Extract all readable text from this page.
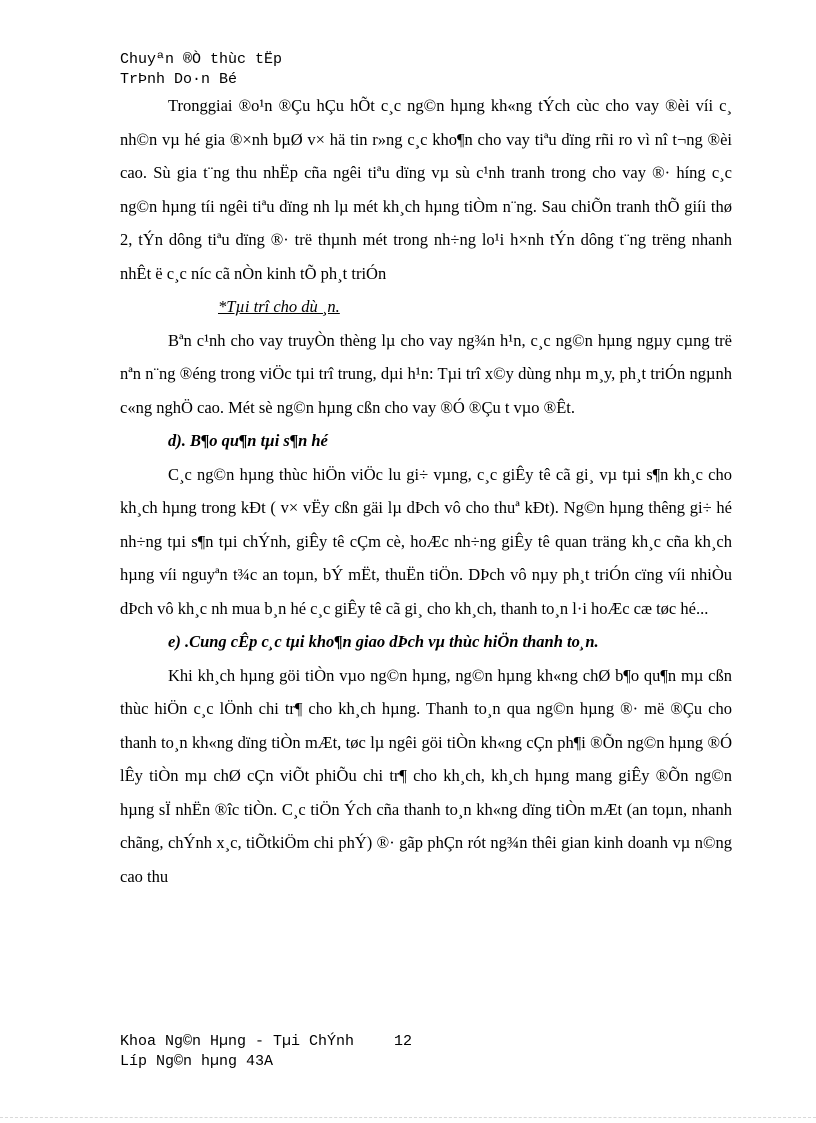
Chuyªn ®Ò thùc tËp
TrÞnh Do·n Bé

Tronggiai ®o¹n ®Çu hÇu hÕt c¸c ng©n hµng kh«ng tÝch cùc cho vay ®èi víi c¸ nh©n vµ hé gia ®×nh bµØ v× hä tin r»ng c¸c kho¶n cho vay tiªu dïng rñi ro vì nî t¬ng ®èi cao. Sù gia t¨ng thu nhËp cña ngêi tiªu dïng vµ sù c¹nh tranh trong cho vay ®· híng c¸c ng©n hµng tíi ngêi tiªu dïng nh lµ mét kh¸ch hµng tiÒm n¨ng. Sau chiÕn tranh thÕ giíi thø 2, tÝn dông tiªu dïng ®· trë thµnh mét trong nh÷ng lo¹i h×nh tÝn dông t¨ng trëng nhanh nhÊt ë c¸c níc cã nÒn kinh tÕ ph¸t triÓn

*Tµi trî cho dù ¸n.

Bªn c¹nh cho vay truyÒn thèng lµ cho vay ng¾n h¹n, c¸c ng©n hµng ngµy cµng trë nªn n¨ng ®éng trong viÖc tµi trî trung, dµi h¹n: Tµi trî x©y dùng nhµ m¸y, ph¸t triÓn ngµnh c«ng nghÖ cao. Mét sè ng©n hµng cßn cho vay ®Ó ®Çu t vµo ®Êt.

d). B¶o qu¶n tµi s¶n hé

C¸c ng©n hµng thùc hiÖn viÖc lu gi÷ vµng, c¸c giÊy tê cã gi¸ vµ tµi s¶n kh¸c cho kh¸ch hµng trong kÐt ( v× vËy cßn gäi lµ dÞch vô cho thuª kÐt). Ng©n hµng thêng gi÷ hé nh÷ng tµi s¶n tµi chÝnh, giÊy tê cÇm cè, hoÆc nh÷ng giÊy tê quan träng kh¸c cña kh¸ch hµng víi nguyªn t¾c an toµn, bÝ mËt, thuËn tiÖn. DÞch vô nµy ph¸t triÓn cïng víi nhiÒu dÞch vô kh¸c nh mua b¸n hé c¸c giÊy tê cã gi¸ cho kh¸ch, thanh to¸n l·i hoÆc cæ tøc hé...

e) .Cung cÊp c¸c tµi kho¶n giao dÞch vµ thùc hiÖn thanh to¸n.

Khi kh¸ch hµng göi tiÒn vµo ng©n hµng, ng©n hµng kh«ng chØ b¶o qu¶n mµ cßn thùc hiÖn c¸c lÖnh chi tr¶ cho kh¸ch hµng. Thanh to¸n qua ng©n hµng ®· më ®Çu cho thanh to¸n kh«ng dïng tiÒn mÆt, tøc lµ ngêi göi tiÒn kh«ng cÇn ph¶i ®Õn ng©n hµng ®Ó lÊy tiÒn mµ chØ cÇn viÕt phiÕu chi tr¶ cho kh¸ch, kh¸ch hµng mang giÊy ®Õn ng©n hµng sÏ nhËn ®îc tiÒn. C¸c tiÖn Ých cña thanh to¸n kh«ng dïng tiÒn mÆt (an toµn, nhanh chãng, chÝnh x¸c, tiÕtkiÖm chi phÝ) ®· gãp phÇn rót ng¾n thêi gian kinh doanh vµ n©ng cao thu

Khoa Ng©n Hµng - Tµi ChÝnh	12
Líp Ng©n hµng 43A
